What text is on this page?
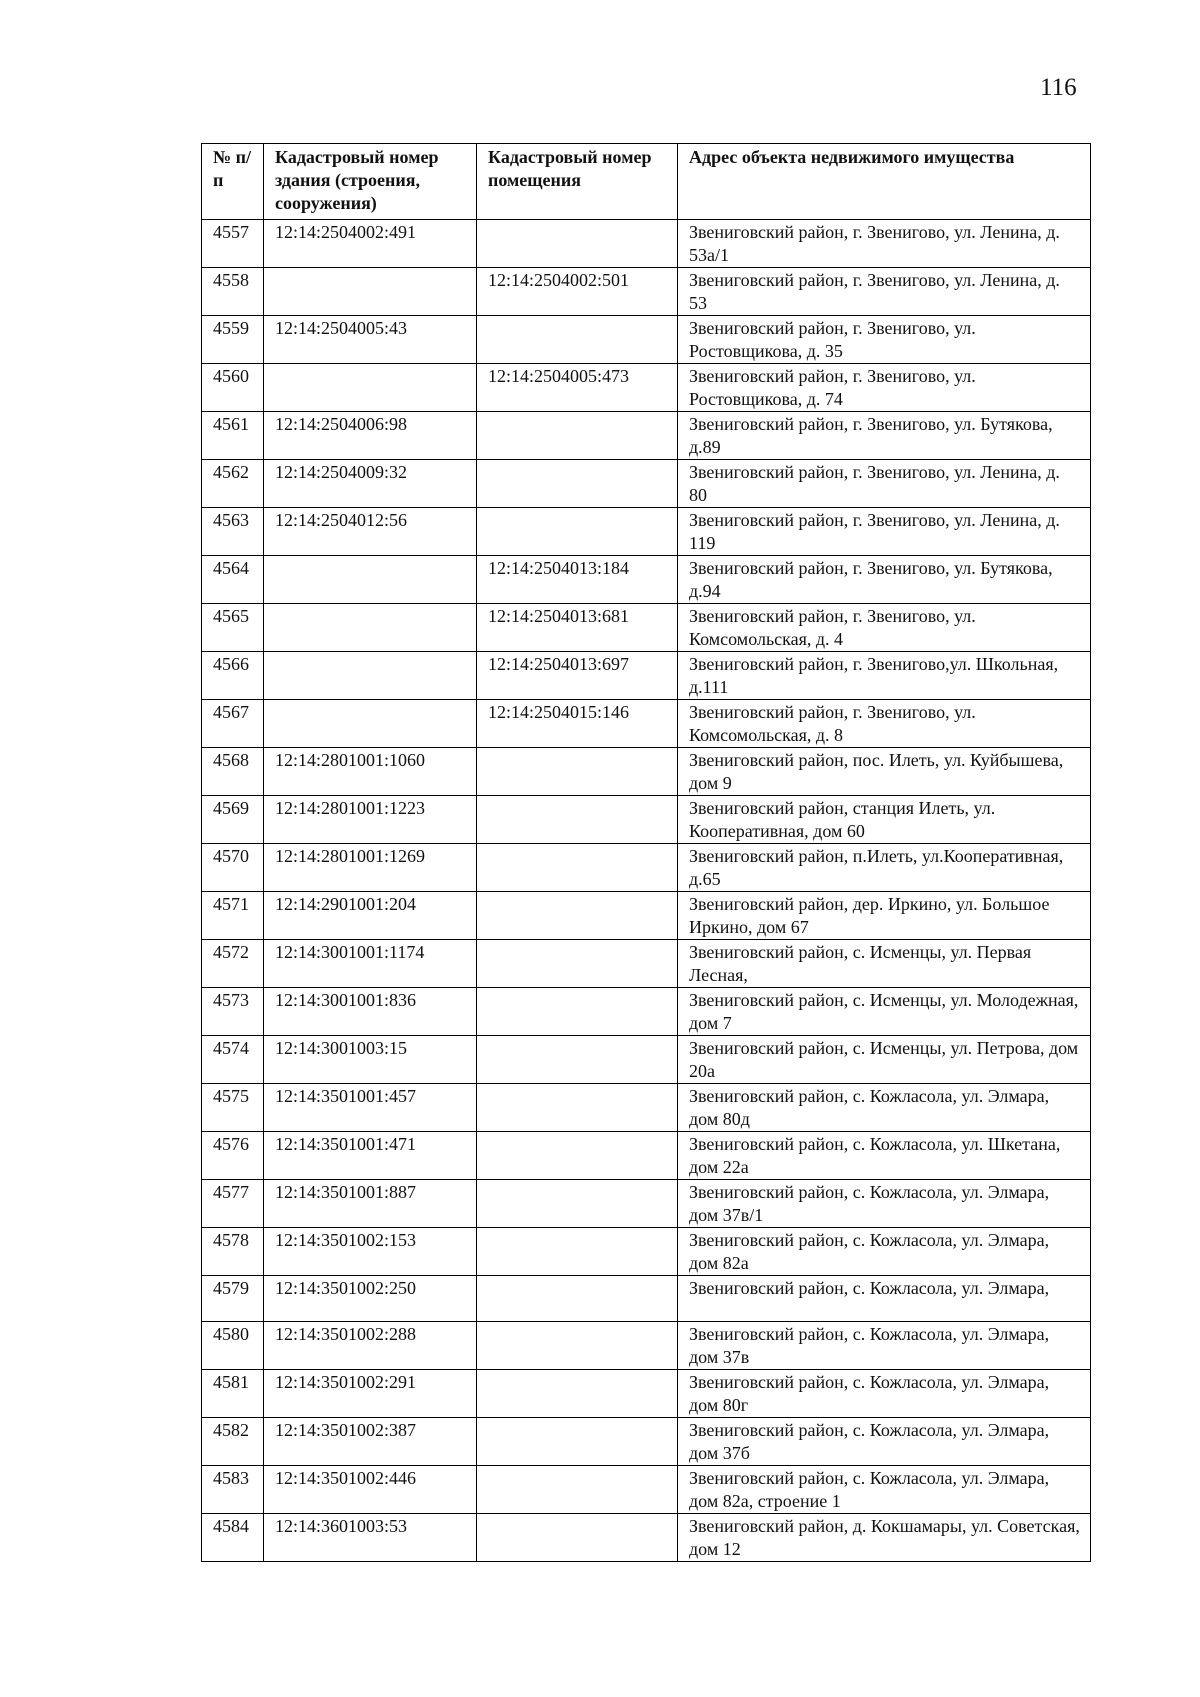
116
№ п/п	Кадастровый номер здания (строения, сооружения)	Кадастровый номер помещения	Адрес объекта недвижимого имущества
4557	12:14:2504002:491		Звениговский район, г. Звенигово, ул. Ленина, д. 53а/1
4558		12:14:2504002:501	Звениговский район, г. Звенигово, ул. Ленина, д. 53
4559	12:14:2504005:43		Звениговский район, г. Звенигово, ул. Ростовщикова, д. 35
4560		12:14:2504005:473	Звениговский район, г. Звенигово, ул. Ростовщикова, д. 74
4561	12:14:2504006:98		Звениговский район, г. Звенигово, ул. Бутякова, д.89
4562	12:14:2504009:32		Звениговский район, г. Звенигово, ул. Ленина, д. 80
4563	12:14:2504012:56		Звениговский район, г. Звенигово, ул. Ленина, д. 119
4564		12:14:2504013:184	Звениговский район, г. Звенигово, ул. Бутякова, д.94
4565		12:14:2504013:681	Звениговский район, г. Звенигово, ул. Комсомольская, д. 4
4566		12:14:2504013:697	Звениговский район, г. Звенигово,ул. Школьная, д.111
4567		12:14:2504015:146	Звениговский район, г. Звенигово, ул. Комсомольская, д. 8
4568	12:14:2801001:1060		Звениговский район, пос. Илеть, ул. Куйбышева, дом 9
4569	12:14:2801001:1223		Звениговский район, станция Илеть, ул. Кооперативная, дом 60
4570	12:14:2801001:1269		Звениговский район, п.Илеть, ул.Кооперативная, д.65
4571	12:14:2901001:204		Звениговский район, дер. Иркино, ул. Большое Иркино, дом 67
4572	12:14:3001001:1174		Звениговский район, с. Исменцы, ул. Первая Лесная,
4573	12:14:3001001:836		Звениговский район, с. Исменцы, ул. Молодежная, дом 7
4574	12:14:3001003:15		Звениговский район, с. Исменцы, ул. Петрова, дом 20а
4575	12:14:3501001:457		Звениговский район, с. Кожласола, ул. Элмара, дом 80д
4576	12:14:3501001:471		Звениговский район, с. Кожласола, ул. Шкетана, дом 22а
4577	12:14:3501001:887		Звениговский район, с. Кожласола, ул. Элмара, дом 37в/1
4578	12:14:3501002:153		Звениговский район, с. Кожласола, ул. Элмара, дом 82а
4579	12:14:3501002:250		Звениговский район, с. Кожласола, ул. Элмара,
4580	12:14:3501002:288		Звениговский район, с. Кожласола, ул. Элмара, дом 37в
4581	12:14:3501002:291		Звениговский район, с. Кожласола, ул. Элмара, дом 80г
4582	12:14:3501002:387		Звениговский район, с. Кожласола, ул. Элмара, дом 37б
4583	12:14:3501002:446		Звениговский район, с. Кожласола, ул. Элмара, дом 82а, строение 1
4584	12:14:3601003:53		Звениговский район, д. Кокшамары, ул. Советская, дом 12
